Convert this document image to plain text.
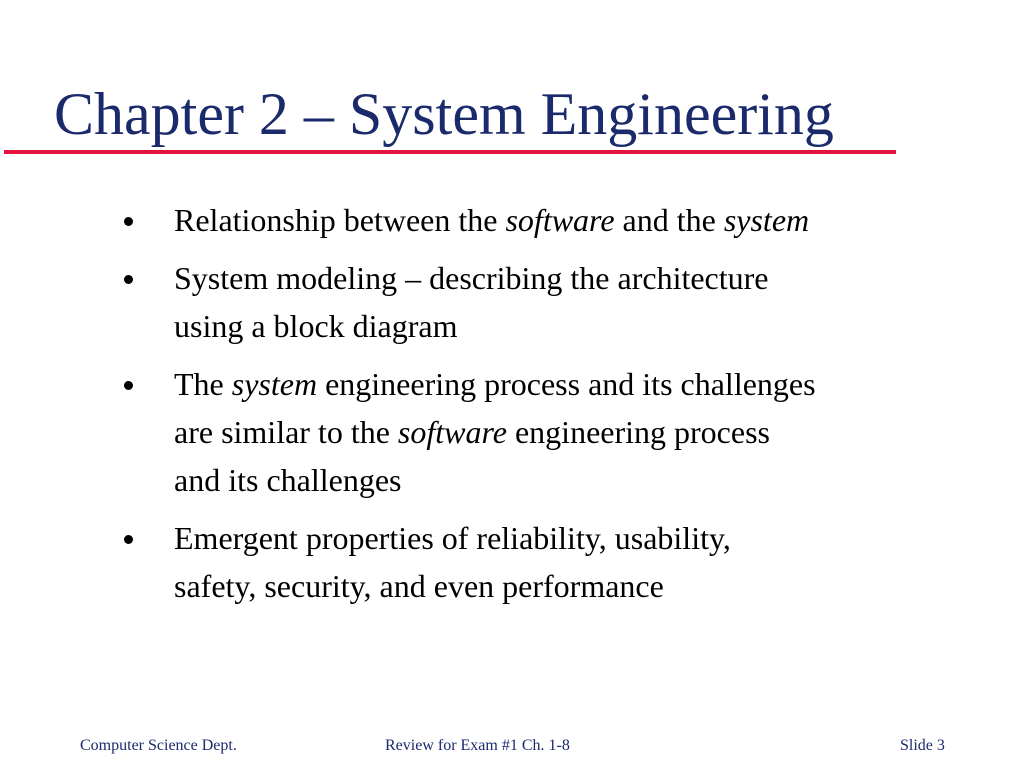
Chapter 2 – System Engineering
Relationship between the software and the system
System modeling – describing the architecture
using a block diagram
The system engineering process and its challenges
are similar to the software engineering process
and its challenges
Emergent properties of reliability, usability,
safety, security, and even performance
Computer Science Dept.	Review for Exam #1 Ch. 1-8	Slide 3
